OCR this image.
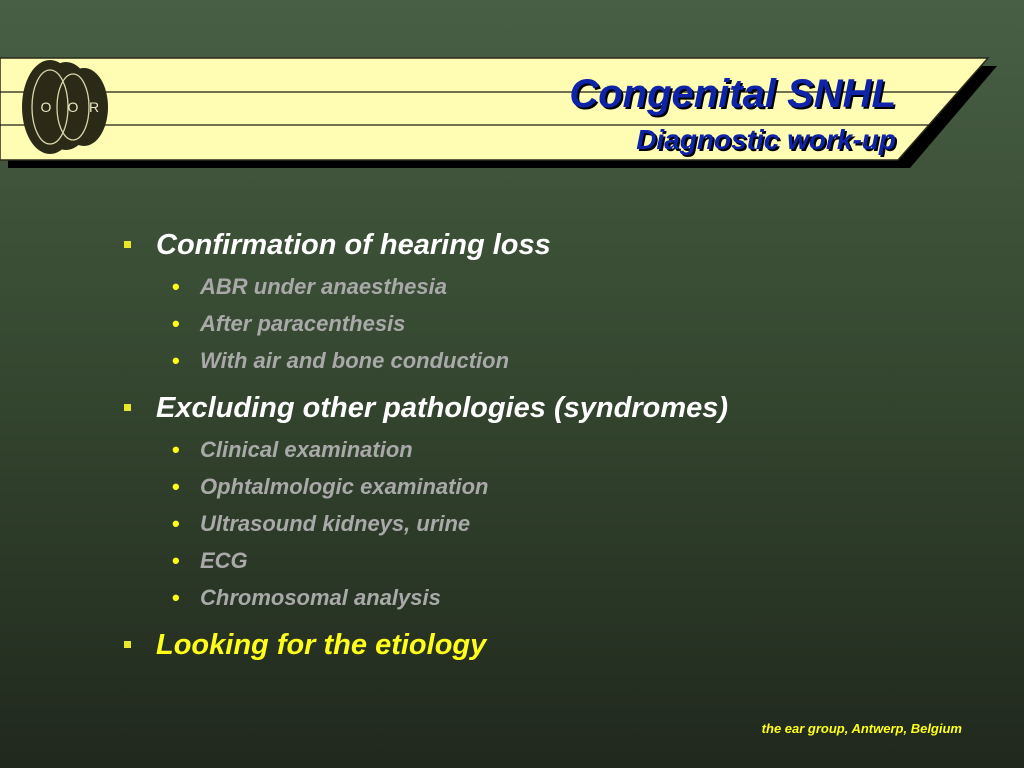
O O R	Congenital SNHL
Diagnostic work-up
Confirmation of hearing loss
• ABR under anaesthesia
• After paracenthesis
• With air and bone conduction
Excluding other pathologies (syndromes)
• Clinical examination
• Ophtalmologic examination
• Ultrasound kidneys, urine
• ECG
• Chromosomal analysis
Looking for the etiology
the ear group, Antwerp, Belgium
